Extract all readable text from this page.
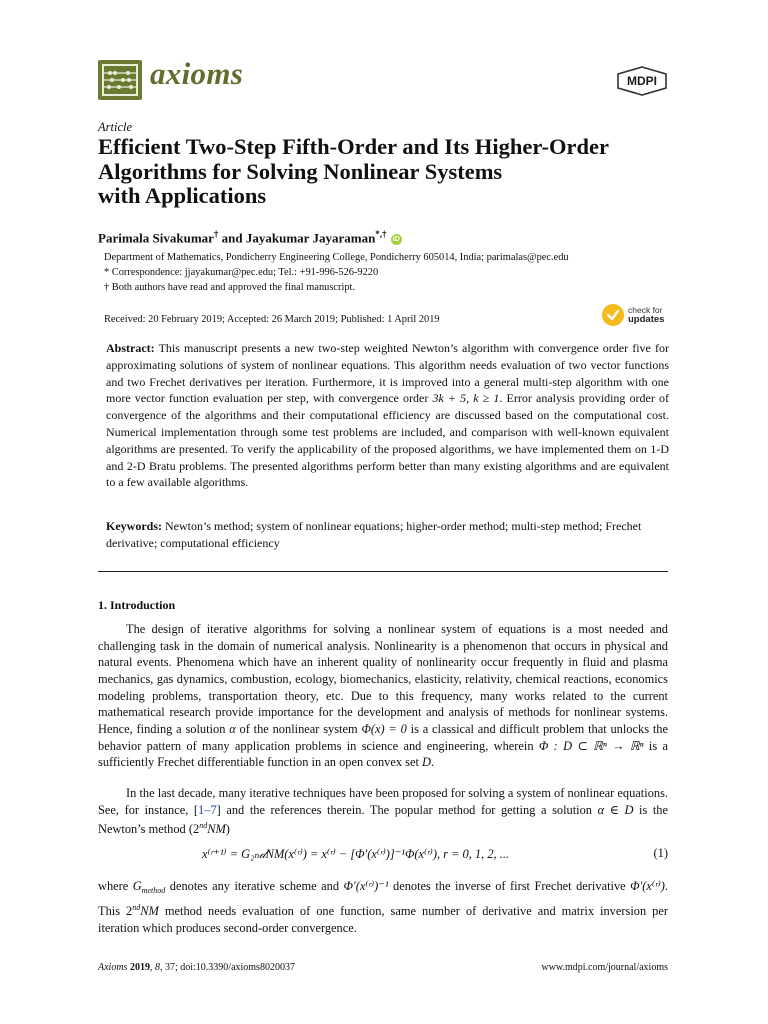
axioms	MDPI
Article
Efficient Two-Step Fifth-Order and Its Higher-Order
Algorithms for Solving Nonlinear Systems
with Applications
Parimala Sivakumar† and Jayakumar Jayaraman*,† iD
Department of Mathematics, Pondicherry Engineering College, Pondicherry 605014, India; parimalas@pec.edu
* Correspondence: jjayakumar@pec.edu; Tel.: +91-996-526-9220
† Both authors have read and approved the final manuscript.
Received: 20 February 2019; Accepted: 26 March 2019; Published: 1 April 2019
check for
updates
Abstract: This manuscript presents a new two-step weighted Newton’s algorithm with convergence order five for approximating solutions of system of nonlinear equations. This algorithm needs evaluation of two vector functions and two Frechet derivatives per iteration. Furthermore, it is improved into a general multi-step algorithm with one more vector function evaluation per step, with convergence order 3k + 5, k ≥ 1. Error analysis providing order of convergence of the algorithms and their computational efficiency are discussed based on the computational cost. Numerical implementation through some test problems are included, and comparison with well-known equivalent algorithms are presented. To verify the applicability of the proposed algorithms, we have implemented them on 1-D and 2-D Bratu problems. The presented algorithms perform better than many existing algorithms and are equivalent to a few available algorithms.
Keywords: Newton’s method; system of nonlinear equations; higher-order method; multi-step method; Frechet derivative; computational efficiency
1. Introduction
The design of iterative algorithms for solving a nonlinear system of equations is a most needed and challenging task in the domain of numerical analysis. Nonlinearity is a phenomenon that occurs in physical and natural events. Phenomena which have an inherent quality of nonlinearity occur frequently in fluid and plasma mechanics, gas dynamics, combustion, ecology, biomechanics, elasticity, relativity, chemical reactions, economics modeling problems, transportation theory, etc. Due to this frequency, many works related to the current mathematical research provide importance for the development and analysis of methods for nonlinear systems. Hence, finding a solution α of the nonlinear system Φ(x) = 0 is a classical and difficult problem that unlocks the behavior pattern of many application problems in science and engineering, wherein Φ : D ⊂ ℝⁿ → ℝⁿ is a sufficiently Frechet differentiable function in an open convex set D.
In the last decade, many iterative techniques have been proposed for solving a system of nonlinear equations. See, for instance, [1–7] and the references therein. The popular method for getting a solution α ∈ D is the Newton’s method (2ndNM)
x⁽ʳ⁺¹⁾ = G₂ₙ𝒹NM(x⁽ʳ⁾) = x⁽ʳ⁾ − [Φ′(x⁽ʳ⁾)]⁻¹Φ(x⁽ʳ⁾), r = 0, 1, 2, ...	(1)
where $G_{method}$ denotes any iterative scheme and Φ′(x⁽ʳ⁾)⁻¹ denotes the inverse of first Frechet derivative Φ′(x⁽ʳ⁾). This 2ndNM method needs evaluation of one function, same number of derivative and matrix inversion per iteration which produces second-order convergence.
Axioms 2019, 8, 37; doi:10.3390/axioms8020037	www.mdpi.com/journal/axioms
